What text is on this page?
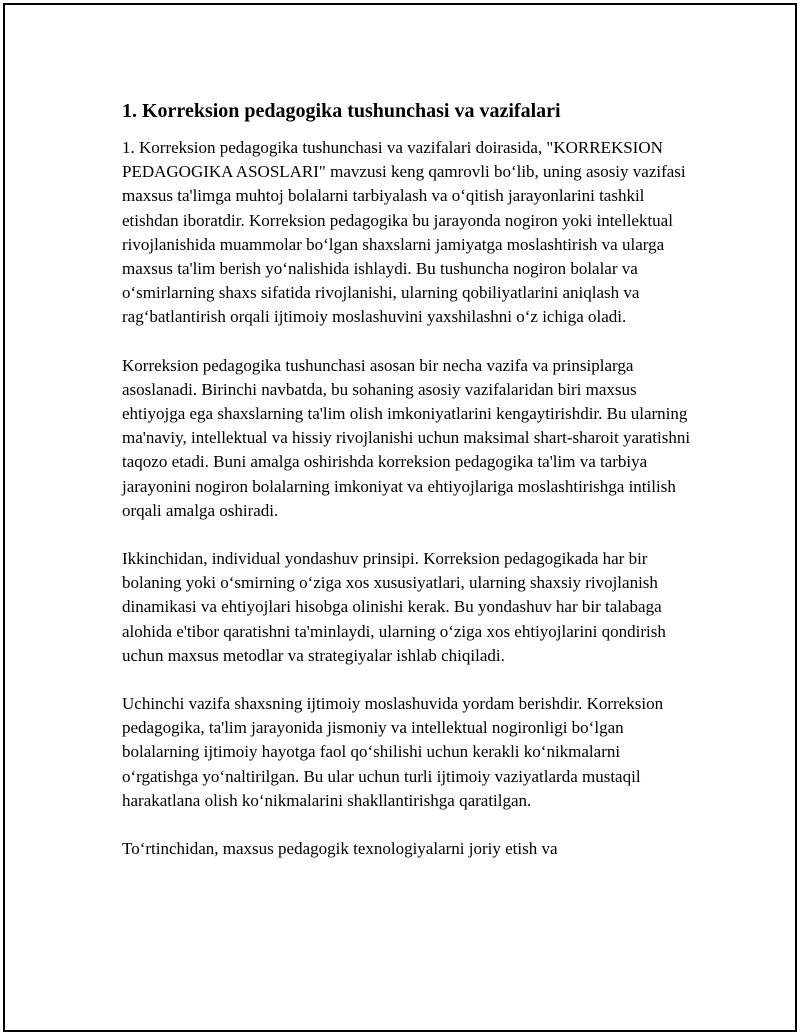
1. Korreksion pedagogika tushunchasi va vazifalari

1. Korreksion pedagogika tushunchasi va vazifalari doirasida, "KORREKSION PEDAGOGIKA ASOSLARI" mavzusi keng qamrovli bo‘lib, uning asosiy vazifasi maxsus ta'limga muhtoj bolalarni tarbiyalash va o‘qitish jarayonlarini tashkil etishdan iboratdir. Korreksion pedagogika bu jarayonda nogiron yoki intellektual rivojlanishida muammolar bo‘lgan shaxslarni jamiyatga moslashtirish va ularga maxsus ta'lim berish yo‘nalishida ishlaydi. Bu tushuncha nogiron bolalar va o‘smirlarning shaxs sifatida rivojlanishi, ularning qobiliyatlarini aniqlash va rag‘batlantirish orqali ijtimoiy moslashuvini yaxshilashni o‘z ichiga oladi.

Korreksion pedagogika tushunchasi asosan bir necha vazifa va prinsiplarga asoslanadi. Birinchi navbatda, bu sohaning asosiy vazifalaridan biri maxsus ehtiyojga ega shaxslarning ta'lim olish imkoniyatlarini kengaytirishdir. Bu ularning ma'naviy, intellektual va hissiy rivojlanishi uchun maksimal shart-sharoit yaratishni taqozo etadi. Buni amalga oshirishda korreksion pedagogika ta'lim va tarbiya jarayonini nogiron bolalarning imkoniyat va ehtiyojlariga moslashtirishga intilish orqali amalga oshiradi.

Ikkinchidan, individual yondashuv prinsipi. Korreksion pedagogikada har bir bolaning yoki o‘smirning o‘ziga xos xususiyatlari, ularning shaxsiy rivojlanish dinamikasi va ehtiyojlari hisobga olinishi kerak. Bu yondashuv har bir talabaga alohida e'tibor qaratishni ta'minlaydi, ularning o‘ziga xos ehtiyojlarini qondirish uchun maxsus metodlar va strategiyalar ishlab chiqiladi.

Uchinchi vazifa shaxsning ijtimoiy moslashuvida yordam berishdir. Korreksion pedagogika, ta'lim jarayonida jismoniy va intellektual nogironligi bo‘lgan bolalarning ijtimoiy hayotga faol qo‘shilishi uchun kerakli ko‘nikmalarni o‘rgatishga yo‘naltirilgan. Bu ular uchun turli ijtimoiy vaziyatlarda mustaqil harakatlana olish ko‘nikmalarini shakllantirishga qaratilgan.

To‘rtinchidan, maxsus pedagogik texnologiyalarni joriy etish va
